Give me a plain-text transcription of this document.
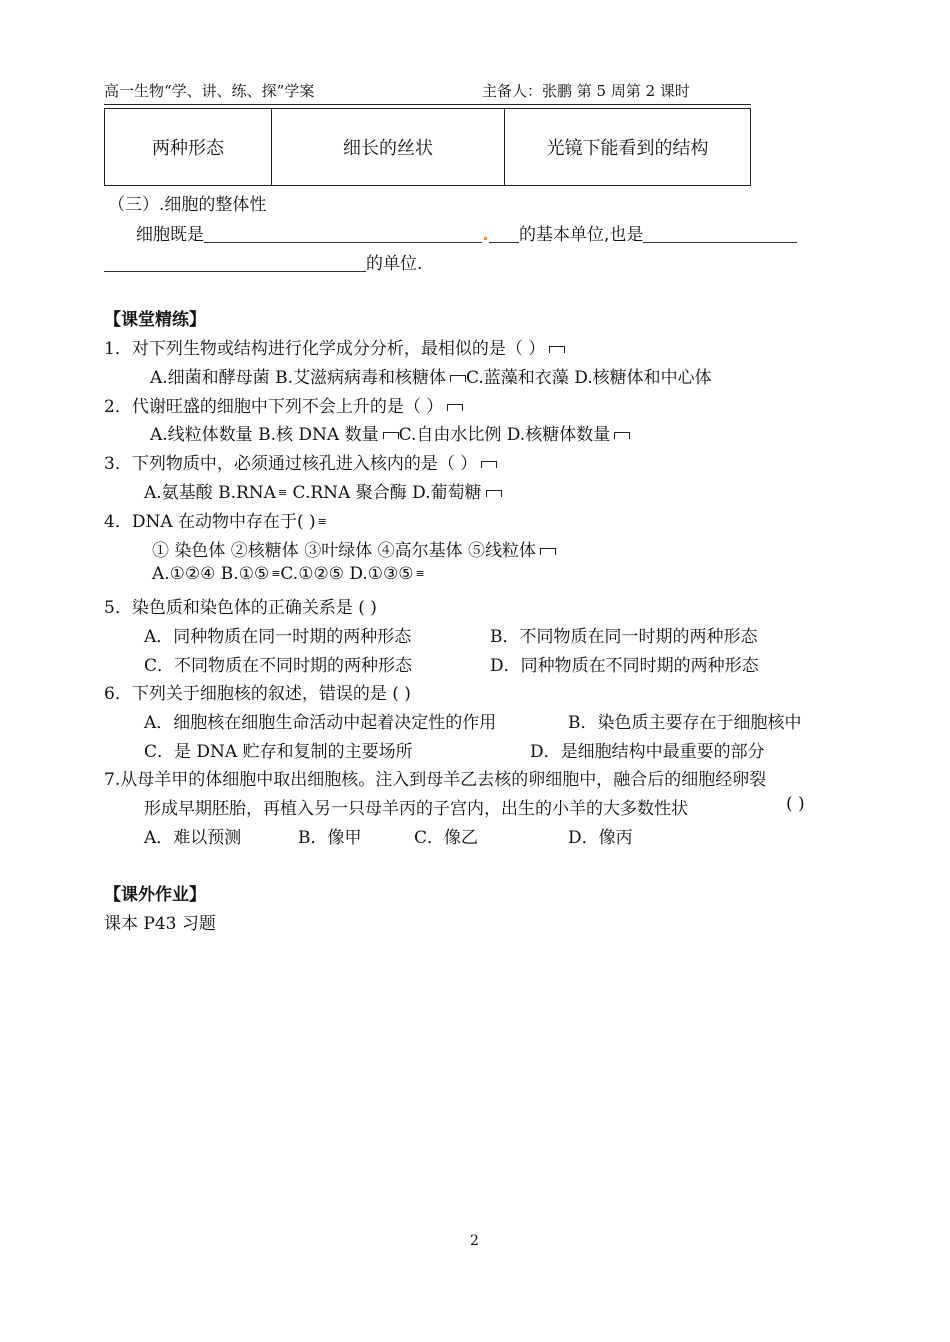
高一生物“学、讲、练、探”学案	主备人：张鹏 第 5 周第 2 课时
两种形态	细长的丝状	光镜下能看到的结构
（三）.细胞的整体性
细胞既是	的基本单位,也是
的单位.
【课堂精练】
1．对下列生物或结构进行化学成分分析，最相似的是（ ）
A.细菌和酵母菌 B.艾滋病病毒和核糖体 C.蓝藻和衣藻 D.核糖体和中心体
2．代谢旺盛的细胞中下列不会上升的是（ ）
A.线粒体数量 B.核 DNA 数量 C.自由水比例 D.核糖体数量
3．下列物质中，必须通过核孔进入核内的是（ ）
A.氨基酸 B.RNA ≡ C.RNA 聚合酶 D.葡萄糖
4．DNA 在动物中存在于( ) ≡
① 染色体 ②核糖体 ③叶绿体 ④高尔基体 ⑤线粒体
A.①②④ B.①⑤ ≡C.①②⑤ D.①③⑤ ≡
5．染色质和染色体的正确关系是 ( )
A．同种物质在同一时期的两种形态	B．不同物质在同一时期的两种形态
C．不同物质在不同时期的两种形态	D．同种物质在不同时期的两种形态
6．下列关于细胞核的叙述，错误的是 ( )
A．细胞核在细胞生命活动中起着决定性的作用	B．染色质主要存在于细胞核中
C．是 DNA 贮存和复制的主要场所	D．是细胞结构中最重要的部分
7.从母羊甲的体细胞中取出细胞核。注入到母羊乙去核的卵细胞中，融合后的细胞经卵裂
形成早期胚胎，再植入另一只母羊丙的子宫内，出生的小羊的大多数性状	( )
A．难以预测	B．像甲	C．像乙	D．像丙
【课外作业】
课本 P43 习题
2
